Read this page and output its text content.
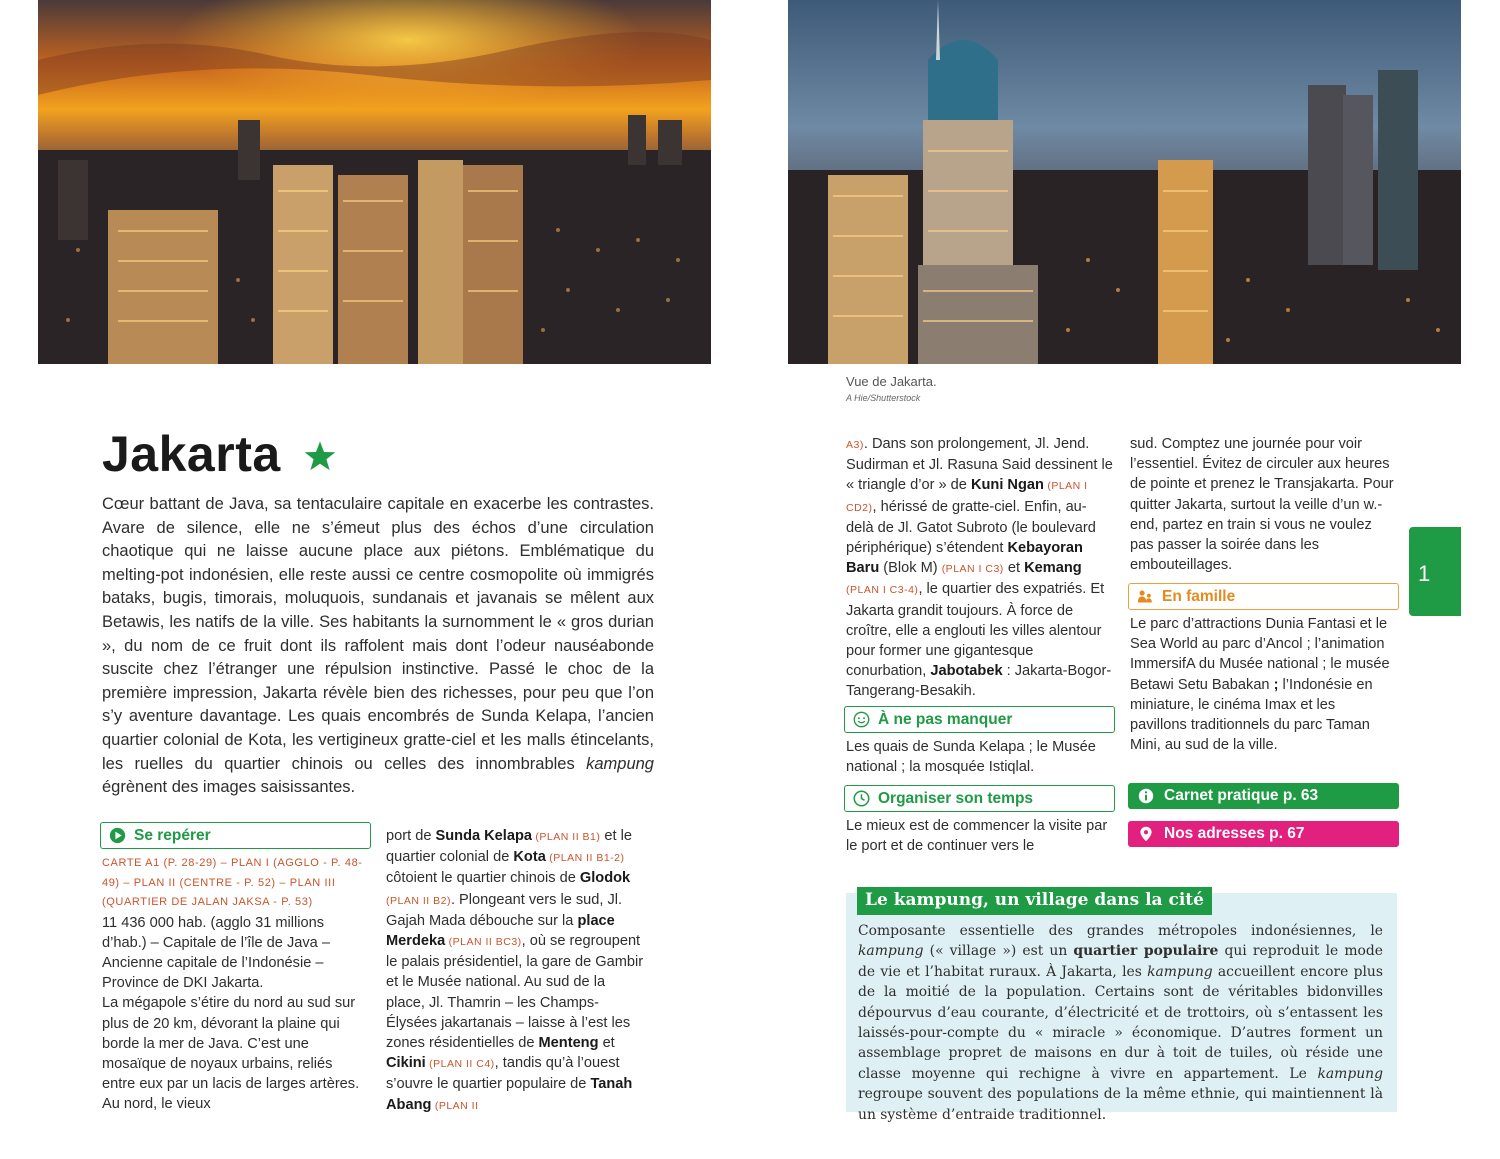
Vue de Jakarta.
A Hie/Shutterstock
Jakarta
Cœur battant de Java, sa tentaculaire capitale en exacerbe les contrastes. Avare de silence, elle ne s’émeut plus des échos d’une circulation chaotique qui ne laisse aucune place aux piétons. Emblématique du melting-pot indonésien, elle reste aussi ce centre cosmopolite où immigrés bataks, bugis, timorais, moluquois, sundanais et javanais se mêlent aux Betawis, les natifs de la ville. Ses habitants la surnomment le « gros durian », du nom de ce fruit dont ils raffolent mais dont l’odeur nauséabonde suscite chez l’étranger une répulsion instinctive. Passé le choc de la première impression, Jakarta révèle bien des richesses, pour peu que l’on s’y aventure davantage. Les quais encombrés de Sunda Kelapa, l’ancien quartier colonial de Kota, les vertigineux gratte-ciel et les malls étincelants, les ruelles du quartier chinois ou celles des innombrables kampung égrènent des images saisissantes.
Se repérer
CARTE A1 (P. 28-29) – PLAN I (AGGLO - P. 48-49) – PLAN II (CENTRE - P. 52) – PLAN III (QUARTIER DE JALAN JAKSA - P. 53)
11 436 000 hab. (agglo 31 millions d’hab.) – Capitale de l’île de Java – Ancienne capitale de l’Indonésie – Province de DKI Jakarta.
La mégapole s’étire du nord au sud sur plus de 20 km, dévorant la plaine qui borde la mer de Java. C’est une mosaïque de noyaux urbains, reliés entre eux par un lacis de larges artères. Au nord, le vieux
port de Sunda Kelapa (PLAN II B1) et le quartier colonial de Kota (PLAN II B1-2) côtoient le quartier chinois de Glodok (PLAN II B2). Plongeant vers le sud, Jl. Gajah Mada débouche sur la place Merdeka (PLAN II BC3), où se regroupent le palais présidentiel, la gare de Gambir et le Musée national. Au sud de la place, Jl. Thamrin – les Champs-Élysées jakartanais – laisse à l’est les zones résidentielles de Menteng et Cikini (PLAN II C4), tandis qu’à l’ouest s’ouvre le quartier populaire de Tanah Abang (PLAN II
A3). Dans son prolongement, Jl. Jend. Sudirman et Jl. Rasuna Said dessinent le « triangle d’or » de Kuni Ngan (PLAN I CD2), hérissé de gratte-ciel. Enfin, au-delà de Jl. Gatot Subroto (le boulevard périphérique) s’étendent Kebayoran Baru (Blok M) (PLAN I C3) et Kemang (PLAN I C3-4), le quartier des expatriés. Et Jakarta grandit toujours. À force de croître, elle a englouti les villes alentour pour former une gigantesque conurbation, Jabotabek : Jakarta-Bogor-Tangerang-Besakih.
À ne pas manquer
Les quais de Sunda Kelapa ; le Musée national ; la mosquée Istiqlal.
Organiser son temps
Le mieux est de commencer la visite par le port et de continuer vers le
sud. Comptez une journée pour voir l’essentiel. Évitez de circuler aux heures de pointe et prenez le Transjakarta. Pour quitter Jakarta, surtout la veille d’un w.-end, partez en train si vous ne voulez pas passer la soirée dans les embouteillages.
En famille
Le parc d’attractions Dunia Fantasi et le Sea World au parc d’Ancol ; l’animation ImmersifA du Musée national ; le musée Betawi Setu Babakan ; l’Indonésie en miniature, le cinéma Imax et les pavillons traditionnels du parc Taman Mini, au sud de la ville.
Carnet pratique p. 63
Nos adresses p. 67
1
Le kampung, un village dans la cité
Composante essentielle des grandes métropoles indonésiennes, le kampung (« village ») est un quartier populaire qui reproduit le mode de vie et l’habitat ruraux. À Jakarta, les kampung accueillent encore plus de la moitié de la population. Certains sont de véritables bidonvilles dépourvus d’eau courante, d’électricité et de trottoirs, où s’entassent les laissés-pour-compte du « miracle » économique. D’autres forment un assemblage propret de maisons en dur à toit de tuiles, où réside une classe moyenne qui rechigne à vivre en appartement. Le kampung regroupe souvent des populations de la même ethnie, qui maintiennent là un système d’entraide traditionnel.
